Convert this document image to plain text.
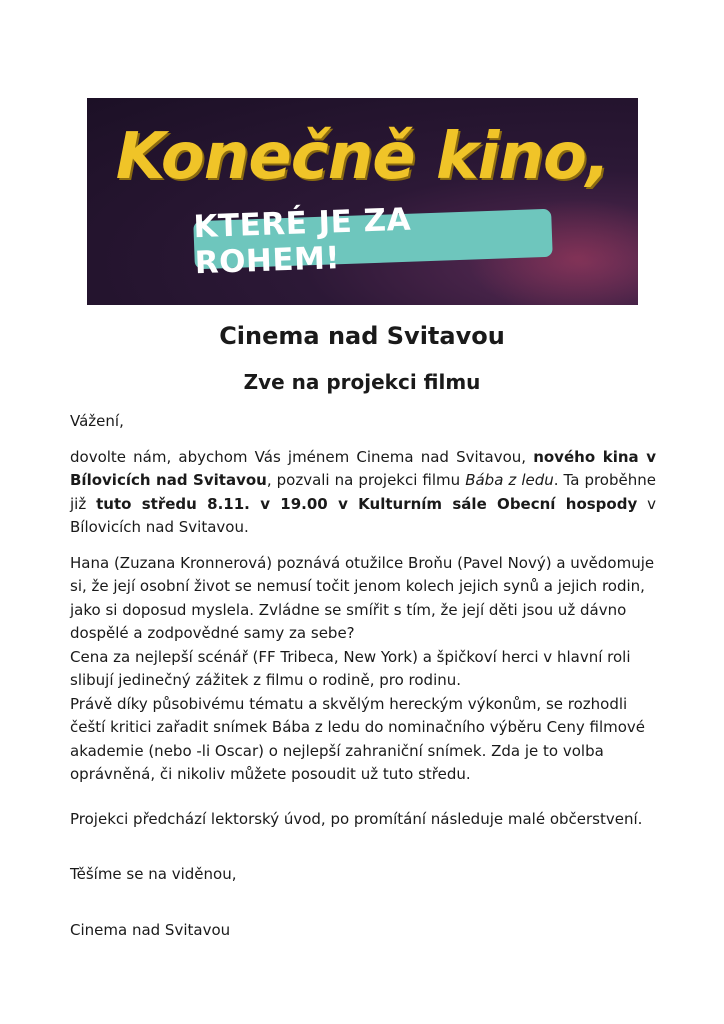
Konečně kino,
KTERÉ JE ZA ROHEM!
Cinema nad Svitavou
Zve na projekci filmu

Vážení,

dovolte nám, abychom Vás jménem Cinema nad Svitavou, nového kina v Bílovicích nad Svitavou, pozvali na projekci filmu Bába z ledu. Ta proběhne již tuto středu 8.11. v 19.00 v Kulturním sále Obecní hospody v Bílovicích nad Svitavou.

Hana (Zuzana Kronnerová) poznává otužilce Broňu (Pavel Nový) a uvědomuje si, že její osobní život se nemusí točit jenom kolech jejich synů a jejich rodin, jako si doposud myslela. Zvládne se smířit s tím, že její děti jsou už dávno dospělé a zodpovědné samy za sebe?

Cena za nejlepší scénář (FF Tribeca, New York) a špičkoví herci v hlavní roli slibují jedinečný zážitek z filmu o rodině, pro rodinu.

Právě díky působivému tématu a skvělým hereckým výkonům, se rozhodli čeští kritici zařadit snímek Bába z ledu do nominačního výběru Ceny filmové akademie (nebo -li Oscar) o nejlepší zahraniční snímek. Zda je to volba oprávněná, či nikoliv můžete posoudit už tuto středu.

Projekci předchází lektorský úvod, po promítání následuje malé občerstvení.

Těšíme se na viděnou,

Cinema nad Svitavou
